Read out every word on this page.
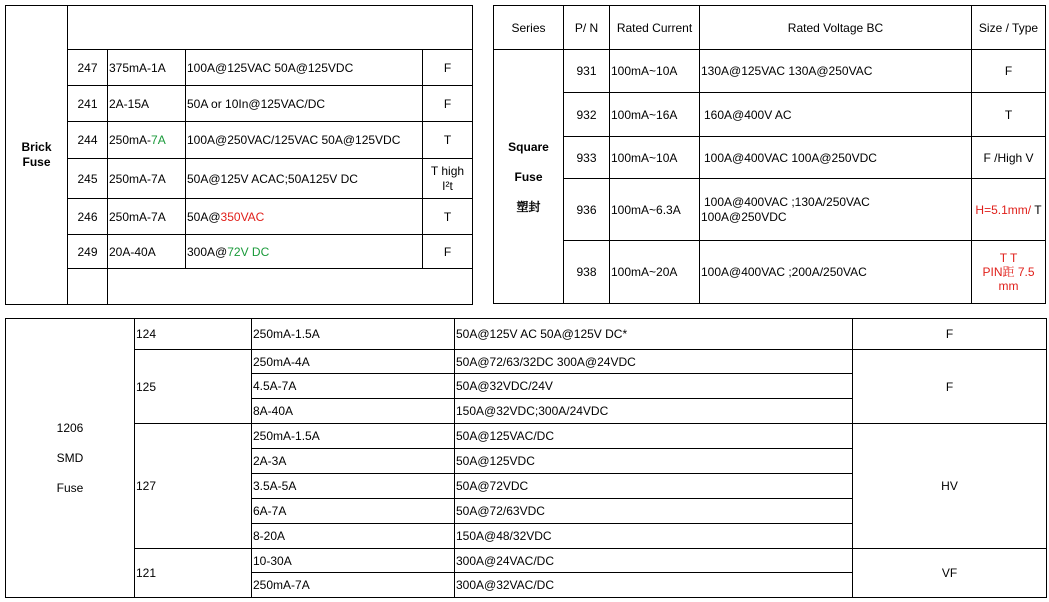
Brick
Fuse				

	247	375mA-1A	100A@125VAC 50A@125VDC	F
	241	2A-15A	50A or 10In@125VAC/DC	F
	244	250mA-7A	100A@250VAC/125VAC 50A@125VDC	T
	245	250mA-7A	50A@125V ACAC;50A125V DC	T high
I²t

	246	250mA-7A	50A@350VAC	T
	249	20A-40A	300A@72V DC	F

Series	P/ N	Rated Current	Rated Voltage BC	Size / Type

Square
Fuse
塑封	931	100mA~10A	130A@125VAC 130A@250VAC	F
	932	100mA~16A	160A@400V AC	T
	933	100mA~10A	100A@400VAC 100A@250VDC	F /High V
	936	100mA~6.3A	100A@400VAC ;130A/250VAC
100A@250VDC	H=5.1mm/ T
	938	100mA~20A	100A@400VAC ;200A/250VAC	T T
PIN距 7.5
mm
1206
SMD
Fuse	124	250mA-1.5A	50A@125V AC 50A@125V DC*	F
	125	250mA-4A	50A@72/63/32DC 300A@24VDC	F
		4.5A-7A	50A@32VDC/24V	
		8A-40A	150A@32VDC;300A/24VDC	
	127	250mA-1.5A	50A@125VAC/DC	HV
		2A-3A	50A@125VDC	
		3.5A-5A	50A@72VDC	
		6A-7A	50A@72/63VDC	
		8-20A	150A@48/32VDC	
	121	10-30A	300A@24VAC/DC	VF
		250mA-7A	300A@32VAC/DC	
